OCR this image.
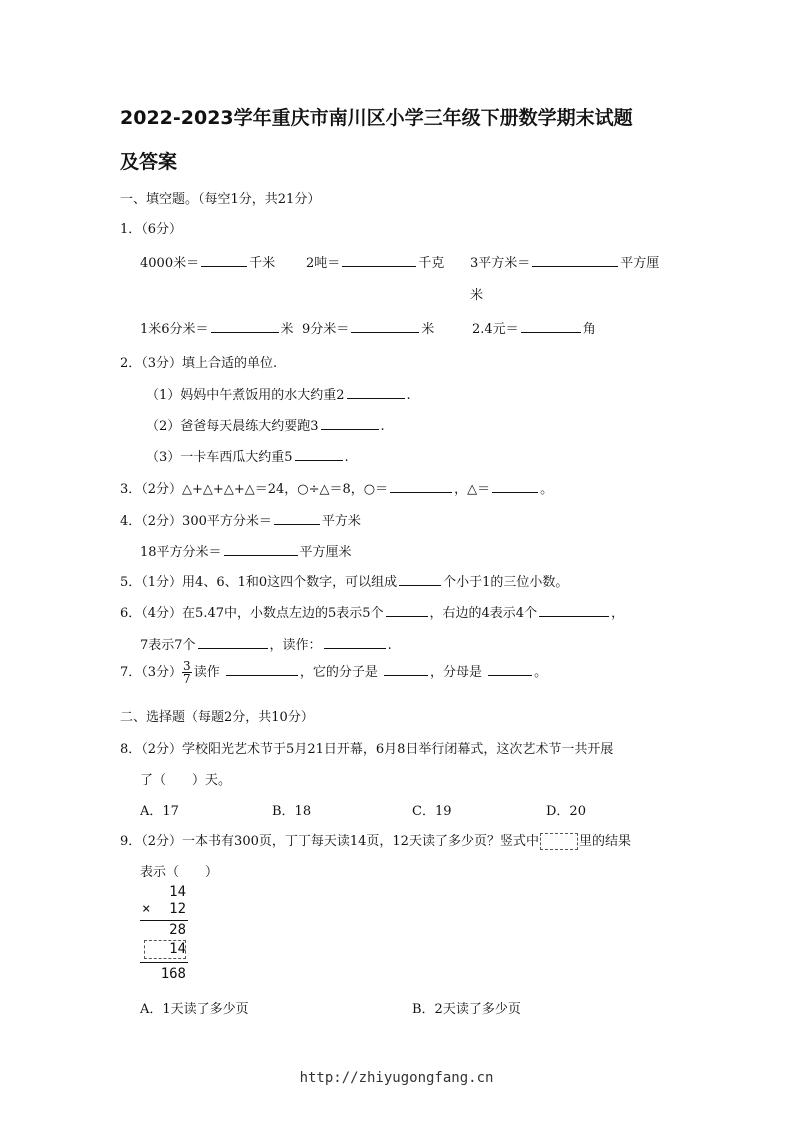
2022-2023学年重庆市南川区小学三年级下册数学期末试题
及答案
一、填空题。（每空1分，共21分）
1．（6分）
4000米＝	千米 2吨＝	千克 3平方米＝	平方厘
米
1米6分米＝	米 9分米＝	米	2.4元＝	角
2．（3分）填上合适的单位.
（1）妈妈中午煮饭用的水大约重2	.
（2）爸爸每天晨练大约要跑3	.
（3）一卡车西瓜大约重5	.
3．（2分）△+△+△+△＝24，○÷△＝8，○＝	，△＝	。
4．（2分）300平方分米＝	平方米
18平方分米＝	平方厘米
5．（1分）用4、6、1和0这四个数字，可以组成	个小于1的三位小数。
6．（4分）在5.47中，小数点左边的5表示5个	，右边的4表示4个	，
7表示7个	，读作：	.
7．（3分） $\frac{3}{7}$ 读作	，它的分子是	，分母是	。
二、选择题（每题2分，共10分）
8．（2分）学校阳光艺术节于5月21日开幕，6月8日举行闭幕式，这次艺术节一共开展
了（　　）天。
A．17	B．18	C．19	D．20
9．（2分）一本书有300页，丁丁每天读14页，12天读了多少页？竖式中	里的结果
表示（　　）
14
× 12
28
14
168
A．1天读了多少页	B．2天读了多少页
http://zhiyugongfang.cn
